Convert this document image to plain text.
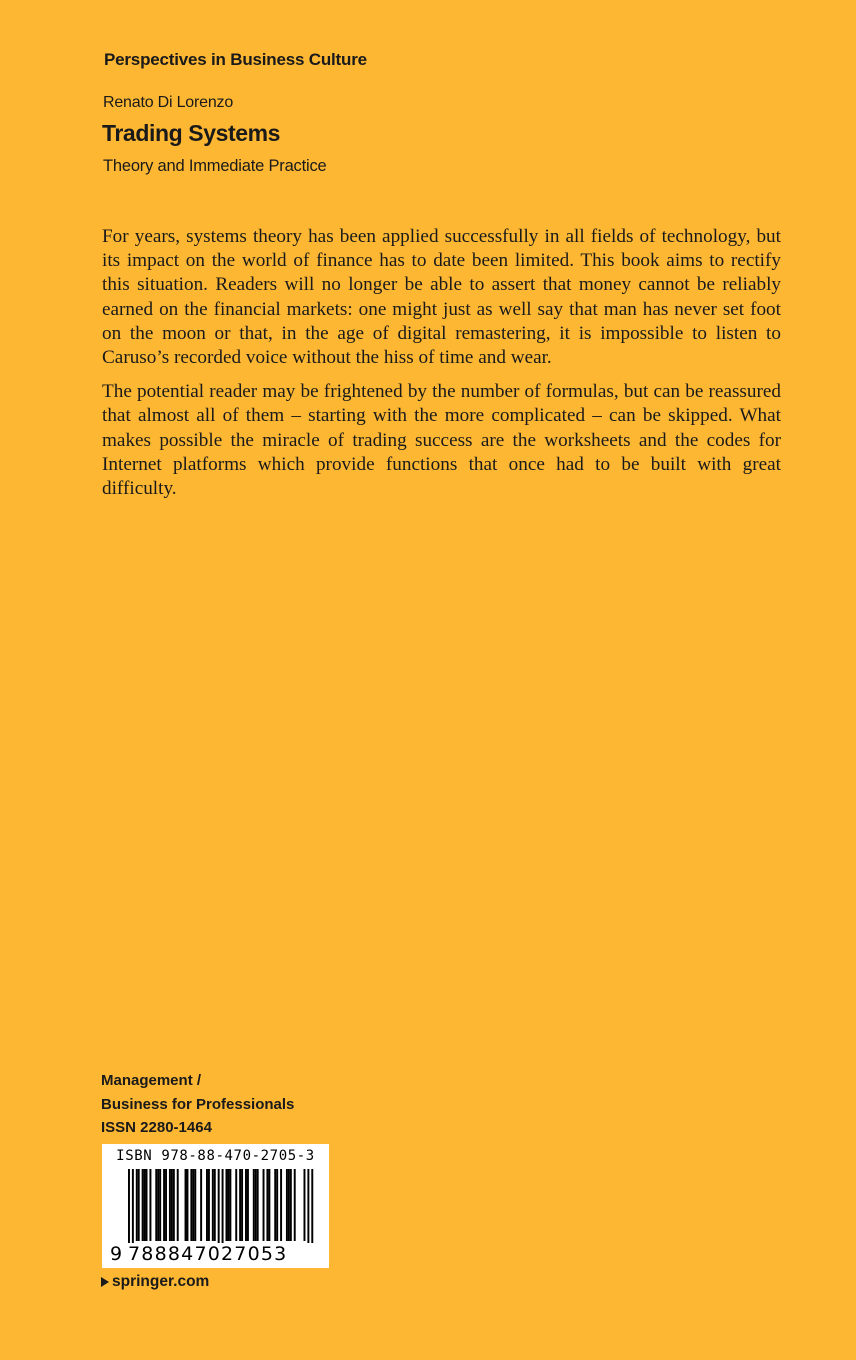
Perspectives in Business Culture
Renato Di Lorenzo
Trading Systems
Theory and Immediate Practice

For years, systems theory has been applied successfully in all fields of technology, but its impact on the world of finance has to date been limited. This book aims to rectify this situation. Readers will no longer be able to assert that money cannot be reliably earned on the financial markets: one might just as well say that man has never set foot on the moon or that, in the age of digital remastering, it is impossible to listen to Caruso’s recorded voice without the hiss of time and wear.

The potential reader may be frightened by the number of formulas, but can be reassured that almost all of them – starting with the more complicated – can be skipped. What makes possible the miracle of trading success are the worksheets and the codes for Internet platforms which provide functions that once had to be built with great difficulty.

Management /
Business for Professionals
ISSN 2280-1464
ISBN 978-88-470-2705-3
9 788847027053
springer.com
